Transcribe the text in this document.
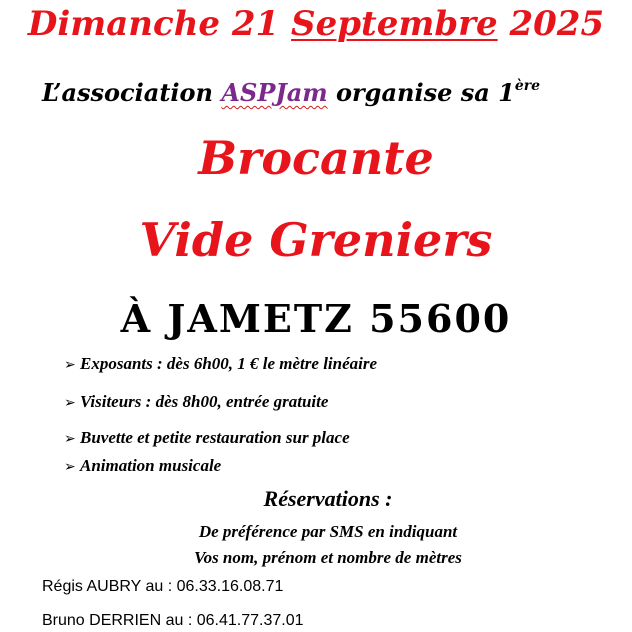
Dimanche 21 Septembre 2025
L’association ASPJam organise sa 1ère
Brocante
Vide Greniers
À JAMETZ 55600
➢ Exposants : dès 6h00, 1 € le mètre linéaire
➢ Visiteurs : dès 8h00, entrée gratuite
➢ Buvette et petite restauration sur place
➢ Animation musicale
Réservations :
De préférence par SMS en indiquant
Vos nom, prénom et nombre de mètres
Régis AUBRY au : 06.33.16.08.71
Bruno DERRIEN au : 06.41.77.37.01
